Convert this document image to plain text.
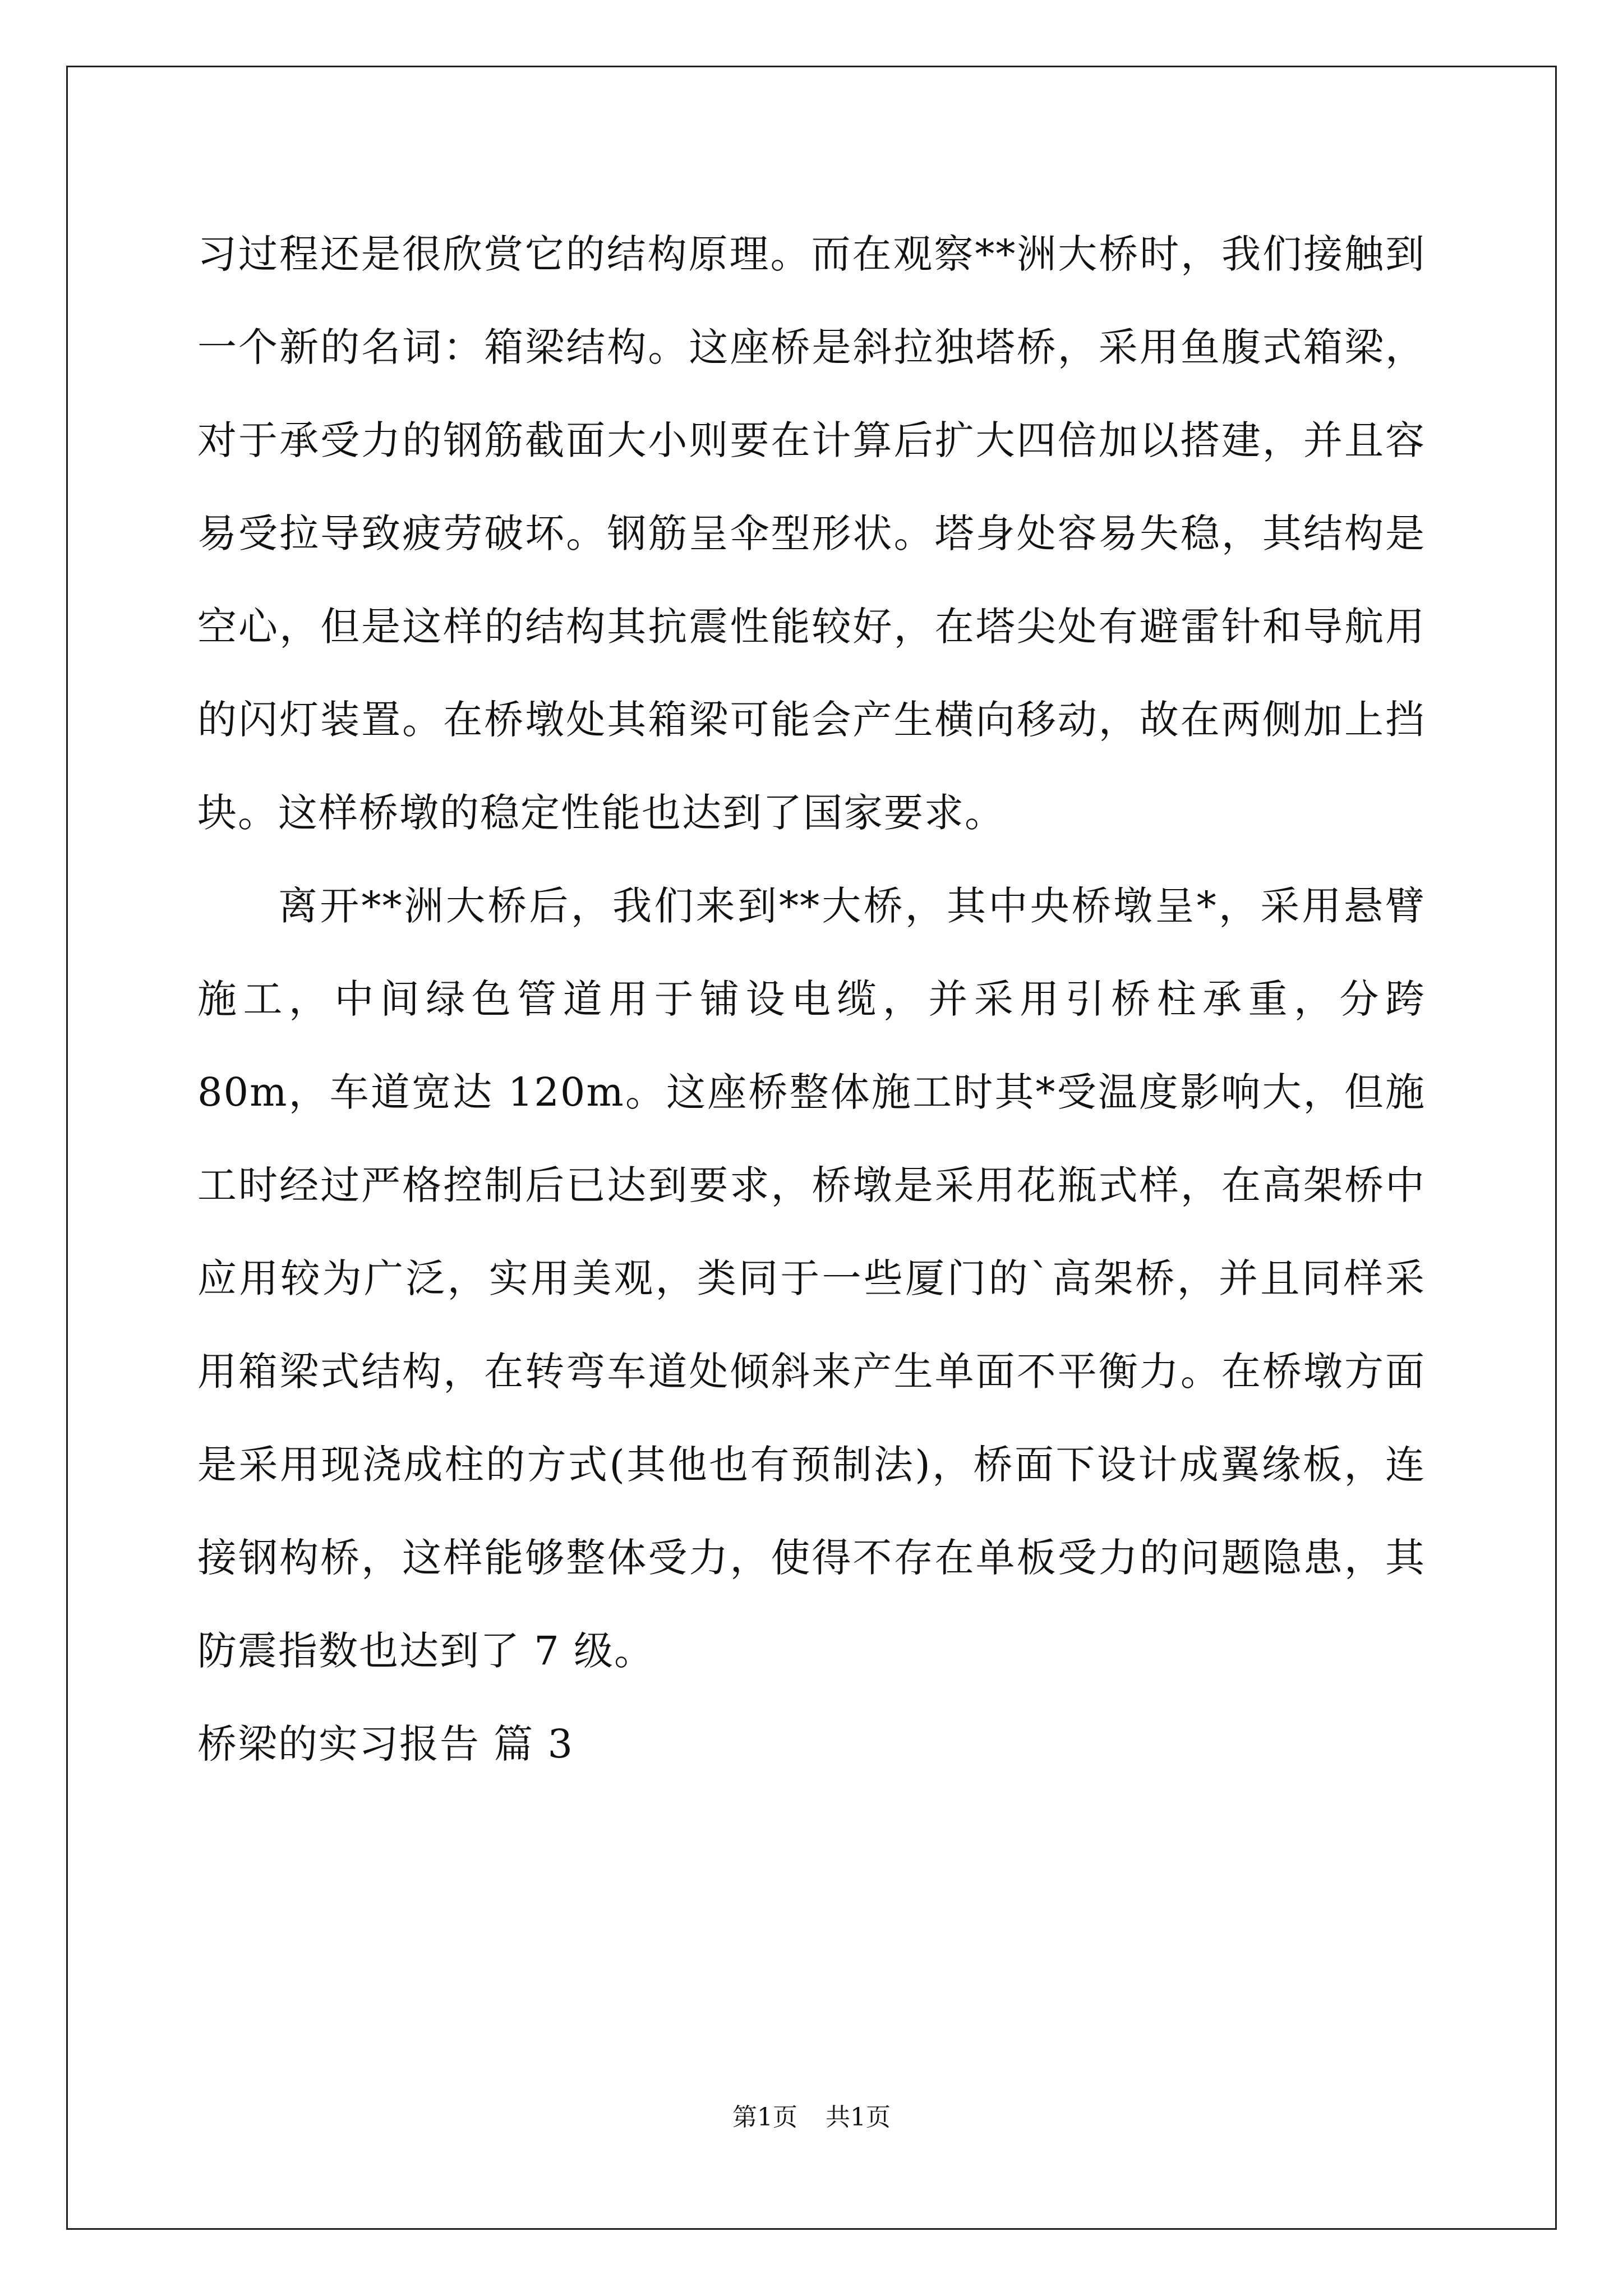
习过程还是很欣赏它的结构原理。而在观察**洲大桥时，我们接触到一个新的名词：箱梁结构。这座桥是斜拉独塔桥，采用鱼腹式箱梁，对于承受力的钢筋截面大小则要在计算后扩大四倍加以搭建，并且容易受拉导致疲劳破坏。钢筋呈伞型形状。塔身处容易失稳，其结构是空心，但是这样的结构其抗震性能较好，在塔尖处有避雷针和导航用的闪灯装置。在桥墩处其箱梁可能会产生横向移动，故在两侧加上挡块。这样桥墩的稳定性能也达到了国家要求。

离开**洲大桥后，我们来到**大桥，其中央桥墩呈*，采用悬臂施工，中间绿色管道用于铺设电缆，并采用引桥柱承重，分跨 80m，车道宽达 120m。这座桥整体施工时其*受温度影响大，但施工时经过严格控制后已达到要求，桥墩是采用花瓶式样，在高架桥中应用较为广泛，实用美观，类同于一些厦门的`高架桥，并且同样采用箱梁式结构，在转弯车道处倾斜来产生单面不平衡力。在桥墩方面是采用现浇成柱的方式(其他也有预制法)，桥面下设计成翼缘板，连接钢构桥，这样能够整体受力，使得不存在单板受力的问题隐患，其防震指数也达到了 7 级。

桥梁的实习报告 篇 3

第1页 共1页
